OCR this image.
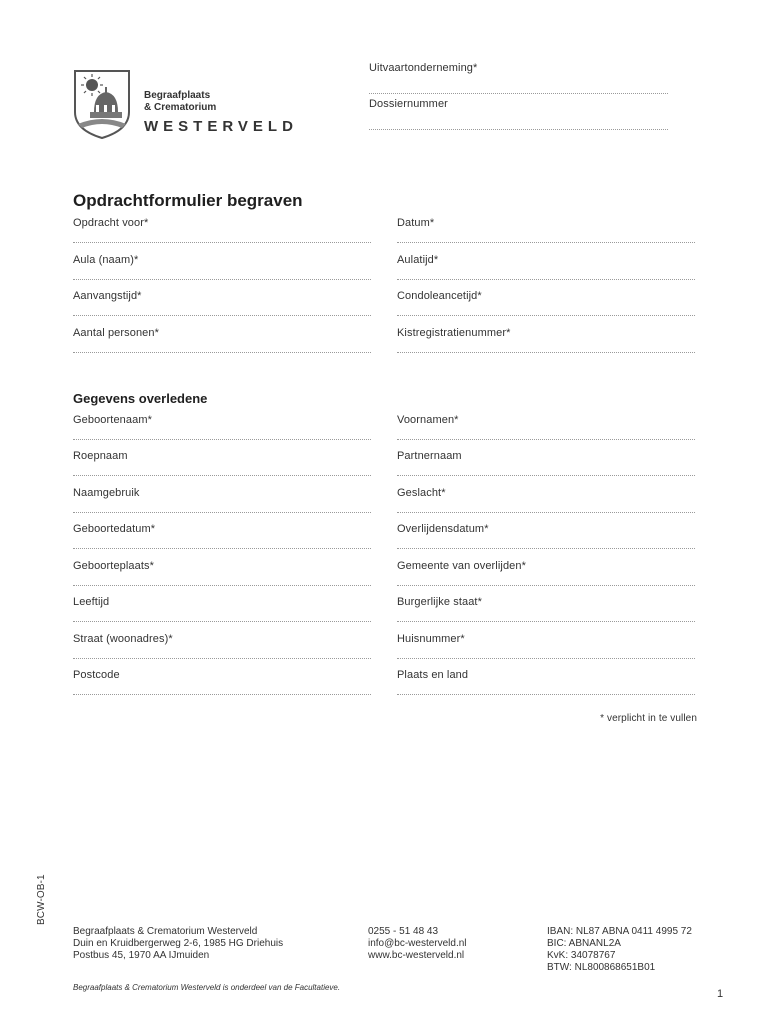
Begraafplaats
& Crematorium
WESTERVELD
Uitvaartonderneming*
Dossiernummer
Opdrachtformulier begraven
Opdracht voor*	Datum*
Aula (naam)*	Aulatijd*
Aanvangstijd*	Condoleancetijd*
Aantal personen*	Kistregistratienummer*
Gegevens overledene
Geboortenaam*	Voornamen*
Roepnaam	Partnernaam
Naamgebruik	Geslacht*
Geboortedatum*	Overlijdensdatum*
Geboorteplaats*	Gemeente van overlijden*
Leeftijd	Burgerlijke staat*
Straat (woonadres)*	Huisnummer*
Postcode	Plaats en land
* verplicht in te vullen
BCW-OB-1
Begraafplaats & Crematorium Westerveld
Duin en Kruidbergerweg 2-6, 1985 HG Driehuis
Postbus 45, 1970 AA IJmuiden
0255 - 51 48 43
info@bc-westerveld.nl
www.bc-westerveld.nl
IBAN: NL87 ABNA 0411 4995 72
BIC: ABNANL2A
KvK: 34078767
BTW: NL800868651B01
Begraafplaats & Crematorium Westerveld is onderdeel van de Facultatieve.
1
